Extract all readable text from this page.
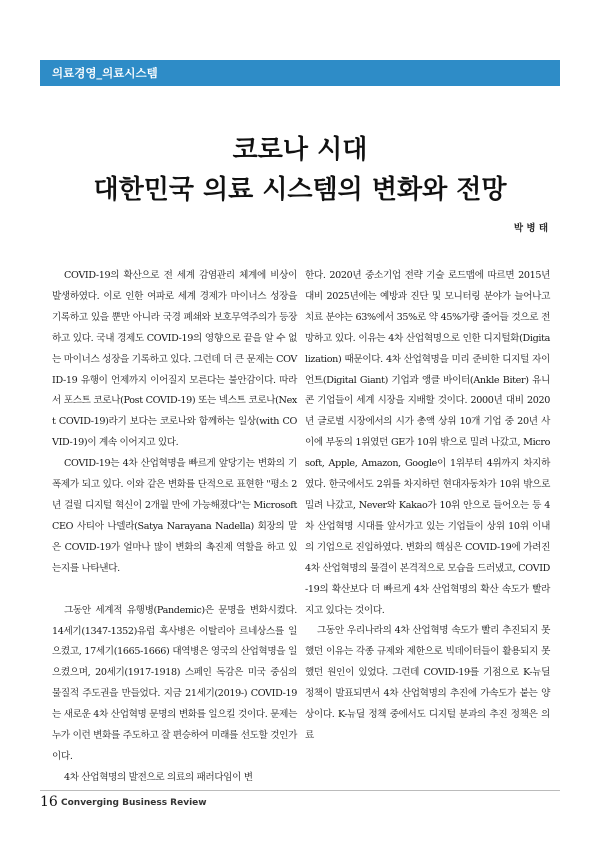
의료경영_의료시스템
코로나 시대
대한민국 의료 시스템의 변화와 전망
박 병 태

COVID-19의 확산으로 전 세계 감염관리 체계에 비상이 발생하였다. 이로 인한 여파로 세계 경제가 마이너스 성장을 기록하고 있을 뿐만 아니라 국경 폐쇄와 보호무역주의가 등장하고 있다. 국내 경제도 COVID-19의 영향으로 끝을 알 수 없는 마이너스 성장을 기록하고 있다. 그런데 더 큰 문제는 COVID-19 유행이 언제까지 이어질지 모른다는 불안감이다. 따라서 포스트 코로나(Post COVID-19) 또는 넥스트 코로나(Next COVID-19)라기 보다는 코로나와 함께하는 일상(with COVID-19)이 계속 이어지고 있다.

COVID-19는 4차 산업혁명을 빠르게 앞당기는 변화의 기폭제가 되고 있다. 이와 같은 변화를 단적으로 표현한 "평소 2년 걸릴 디지털 혁신이 2개월 만에 가능해졌다"는 Microsoft CEO 사티아 나델라(Satya Narayana Nadella) 회장의 말은 COVID-19가 얼마나 많이 변화의 촉진제 역할을 하고 있는지를 나타낸다.

그동안 세계적 유행병(Pandemic)은 문명을 변화시켰다. 14세기(1347-1352)유럽 흑사병은 이탈리아 르네상스를 일으켰고, 17세기(1665-1666) 대역병은 영국의 산업혁명을 일으켰으며, 20세기(1917-1918) 스페인 독감은 미국 중심의 물질적 주도권을 만들었다. 지금 21세기(2019-) COVID-19는 새로운 4차 산업혁명 문명의 변화를 일으킬 것이다. 문제는 누가 이런 변화를 주도하고 잘 편승하여 미래를 선도할 것인가이다.

4차 산업혁명의 발전으로 의료의 패러다임이 변

한다. 2020년 중소기업 전략 기술 로드맵에 따르면 2015년 대비 2025년에는 예방과 진단 및 모니터링 분야가 늘어나고 치료 분야는 63%에서 35%로 약 45%가량 줄어들 것으로 전망하고 있다. 이유는 4차 산업혁명으로 인한 디지털화(Digitalization) 때문이다. 4차 산업혁명을 미리 준비한 디지털 자이언트(Digital Giant) 기업과 앵클 바이터(Ankle Biter) 유니콘 기업들이 세계 시장을 지배할 것이다. 2000년 대비 2020년 글로벌 시장에서의 시가 총액 상위 10개 기업 중 20년 사이에 부동의 1위였던 GE가 10위 밖으로 밀려 나갔고, Microsoft, Apple, Amazon, Google이 1위부터 4위까지 차지하였다. 한국에서도 2위를 차지하던 현대자동차가 10위 밖으로 밀려 나갔고, Never와 Kakao가 10위 안으로 들어오는 등 4차 산업혁명 시대를 앞서가고 있는 기업들이 상위 10위 이내의 기업으로 진입하였다. 변화의 핵심은 COVID-19에 가려진 4차 산업혁명의 물결이 본격적으로 모습을 드러냈고, COVID-19의 확산보다 더 빠르게 4차 산업혁명의 확산 속도가 빨라지고 있다는 것이다.

그동안 우리나라의 4차 산업혁명 속도가 빨리 추진되지 못했던 이유는 각종 규제와 제한으로 빅데이터들이 활용되지 못했던 원인이 있었다. 그런데 COVID-19를 기점으로 K-뉴딜 정책이 발표되면서 4차 산업혁명의 추진에 가속도가 붙는 양상이다. K-뉴딜 정책 중에서도 디지털 분과의 추진 정책은 의료

16 Converging Business Review
